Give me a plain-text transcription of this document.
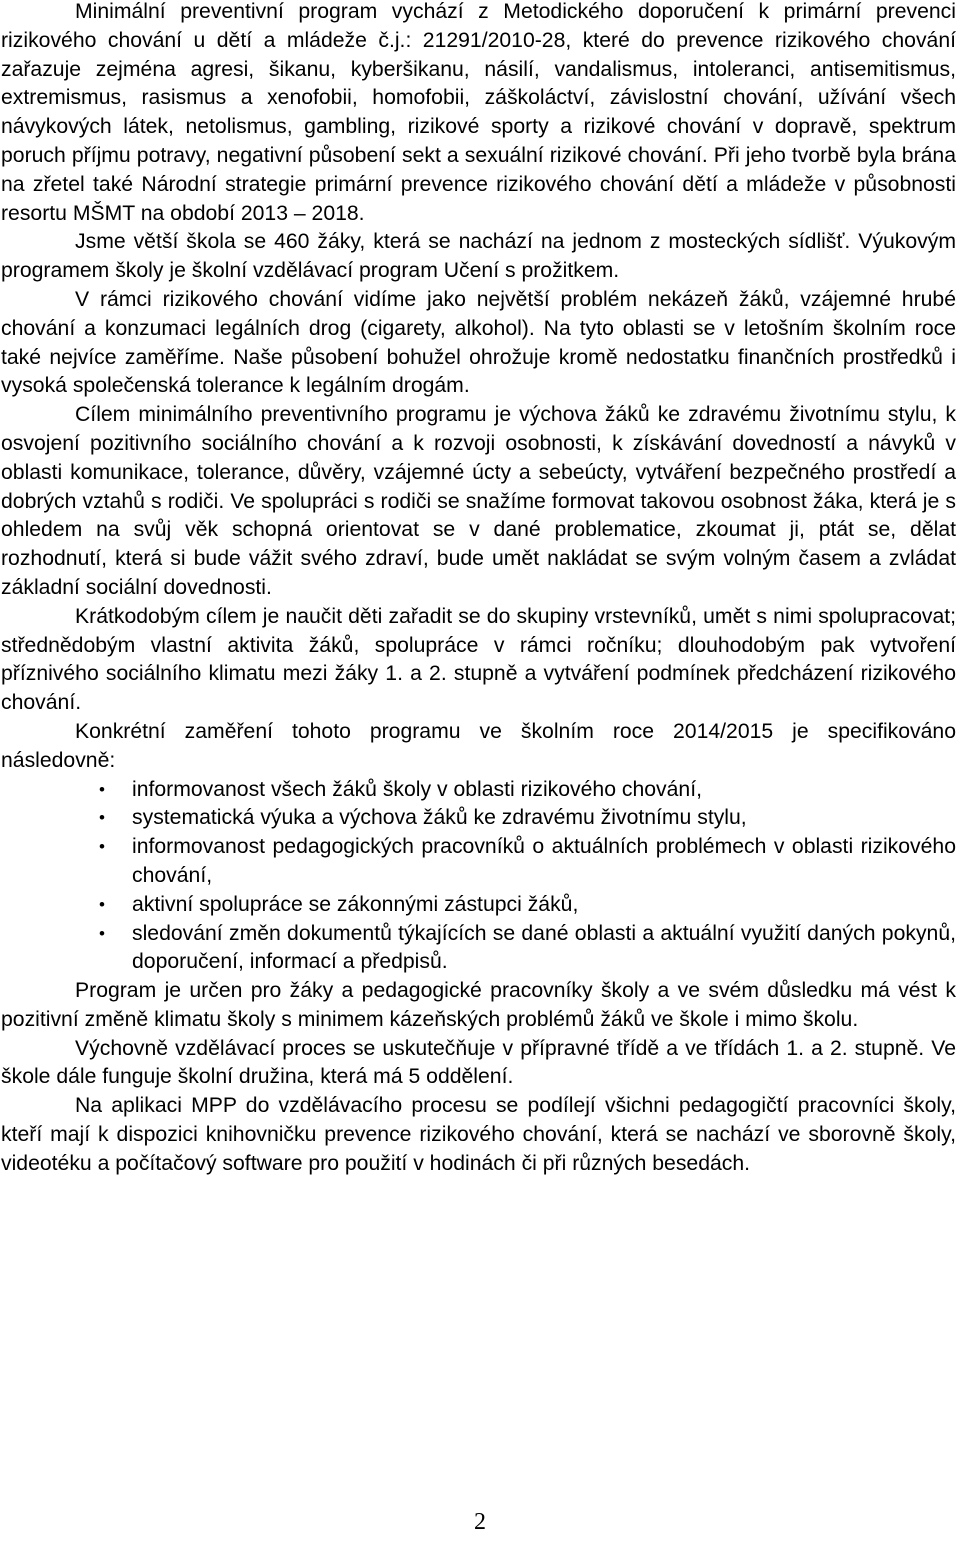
Minimální preventivní program vychází z Metodického doporučení k primární prevenci rizikového chování u dětí a mládeže č.j.: 21291/2010-28, které do prevence rizikového chování zařazuje zejména agresi, šikanu, kyberšikanu, násilí, vandalismus, intoleranci, antisemitismus, extremismus, rasismus a xenofobii, homofobii, záškoláctví, závislostní chování, užívání všech návykových látek, netolismus, gambling, rizikové sporty a rizikové chování v dopravě, spektrum poruch příjmu potravy, negativní působení sekt a sexuální rizikové chování. Při jeho tvorbě byla brána na zřetel také Národní strategie primární prevence rizikového chování dětí a mládeže v působnosti resortu MŠMT na období 2013 – 2018.

Jsme větší škola se 460 žáky, která se nachází na jednom z mosteckých sídlišť. Výukovým programem školy je školní vzdělávací program Učení s prožitkem.

V rámci rizikového chování vidíme jako největší problém nekázeň žáků, vzájemné hrubé chování a konzumaci legálních drog (cigarety, alkohol). Na tyto oblasti se v letošním školním roce také nejvíce zaměříme. Naše působení bohužel ohrožuje kromě nedostatku finančních prostředků i vysoká společenská tolerance k legálním drogám.

Cílem minimálního preventivního programu je výchova žáků ke zdravému životnímu stylu, k osvojení pozitivního sociálního chování a k rozvoji osobnosti, k získávání dovedností a návyků v oblasti komunikace, tolerance, důvěry, vzájemné úcty a sebeúcty, vytváření bezpečného prostředí a dobrých vztahů s rodiči. Ve spolupráci s rodiči se snažíme formovat takovou osobnost žáka, která je s ohledem na svůj věk schopná orientovat se v dané problematice, zkoumat ji, ptát se, dělat rozhodnutí, která si bude vážit svého zdraví, bude umět nakládat se svým volným časem a zvládat základní sociální dovednosti.

Krátkodobým cílem je naučit děti zařadit se do skupiny vrstevníků, umět s nimi spolupracovat; střednědobým vlastní aktivita žáků, spolupráce v rámci ročníku; dlouhodobým pak vytvoření příznivého sociálního klimatu mezi žáky 1. a 2. stupně a vytváření podmínek předcházení rizikového chování.

Konkrétní zaměření tohoto programu ve školním roce 2014/2015 je specifikováno následovně:

• informovanost všech žáků školy v oblasti rizikového chování,
• systematická výuka a výchova žáků ke zdravému životnímu stylu,
• informovanost pedagogických pracovníků o aktuálních problémech v oblasti rizikového chování,
• aktivní spolupráce se zákonnými zástupci žáků,
• sledování změn dokumentů týkajících se dané oblasti a aktuální využití daných pokynů, doporučení, informací a předpisů.

Program je určen pro žáky a pedagogické pracovníky školy a ve svém důsledku má vést k pozitivní změně klimatu školy s minimem kázeňských problémů žáků ve škole i mimo školu.

Výchovně vzdělávací proces se uskutečňuje v přípravné třídě a ve třídách 1. a 2. stupně. Ve škole dále funguje školní družina, která má 5 oddělení.

Na aplikaci MPP do vzdělávacího procesu se podílejí všichni pedagogičtí pracovníci školy, kteří mají k dispozici knihovničku prevence rizikového chování, která se nachází ve sborovně školy, videotéku a počítačový software pro použití v hodinách či při různých besedách.

2
